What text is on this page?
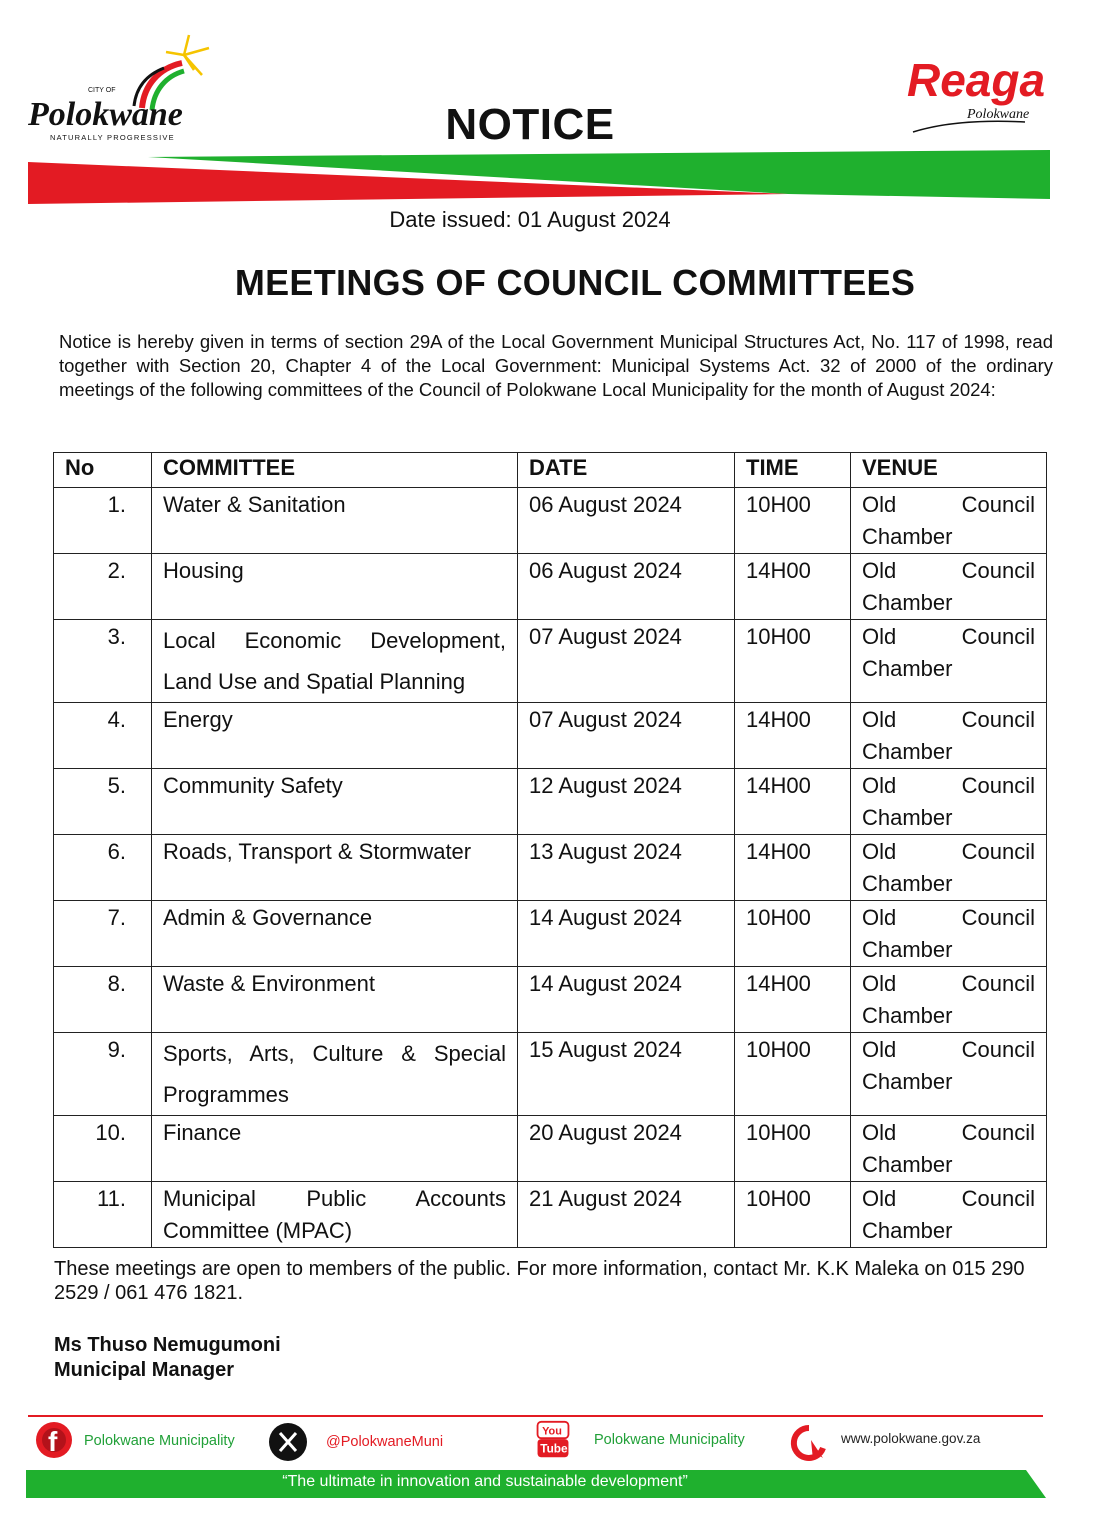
CITY OF
Polokwane
NATURALLY PROGRESSIVE
Reaga
Polokwane
NOTICE
Date issued: 01 August 2024
MEETINGS OF COUNCIL COMMITTEES
Notice is hereby given in terms of section 29A of the Local Government Municipal Structures Act, No. 117 of 1998, read together with Section 20, Chapter 4 of the Local Government: Municipal Systems Act. 32 of 2000 of the ordinary meetings of the following committees of the Council of Polokwane Local Municipality for the month of August 2024:
No	COMMITTEE	DATE	TIME	VENUE
1.	Water & Sanitation	06 August 2024	10H00	Old Council
Chamber

2.	Housing	06 August 2024	14H00	Old Council
Chamber

3.	Local Economic Development, Land Use and Spatial Planning	07 August 2024	10H00	Old Council
Chamber

4.	Energy	07 August 2024	14H00	Old Council
Chamber

5.	Community Safety	12 August 2024	14H00	Old Council
Chamber

6.	Roads, Transport & Stormwater	13 August 2024	14H00	Old Council
Chamber

7.	Admin & Governance	14 August 2024	10H00	Old Council
Chamber

8.	Waste & Environment	14 August 2024	14H00	Old Council
Chamber

9.	Sports, Arts, Culture & Special Programmes	15 August 2024	10H00	Old Council
Chamber

10.	Finance	20 August 2024	10H00	Old Council
Chamber

11.	Municipal Public Accounts Committee (MPAC)	21 August 2024	10H00	Old Council
Chamber
These meetings are open to members of the public. For more information, contact Mr. K.K Maleka on 015 290 2529 / 061 476 1821.
Ms Thuso Nemugumoni
Municipal Manager
f Polokwane Municipality	@PolokwaneMuni
You
Tube
Polokwane Municipality	www.polokwane.gov.za
“The ultimate in innovation and sustainable development”
